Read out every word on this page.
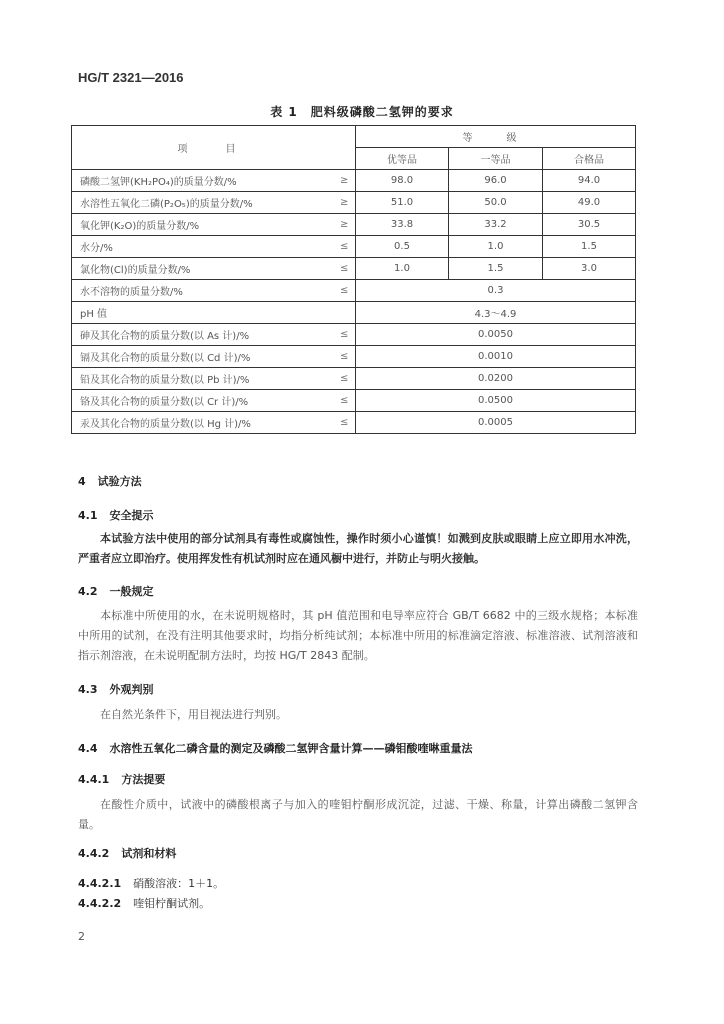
HG/T 2321—2016
表 1　肥料级磷酸二氢钾的要求
项　目		等　级		
		优等品	一等品	合格品
磷酸二氢钾(KH₂PO₄)的质量分数/%	≥	98.0	96.0	94.0
水溶性五氧化二磷(P₂O₅)的质量分数/%	≥	51.0	50.0	49.0
氧化钾(K₂O)的质量分数/%	≥	33.8	33.2	30.5
水分/%	≤	0.5	1.0	1.5
氯化物(Cl)的质量分数/%	≤	1.0	1.5	3.0
水不溶物的质量分数/%	≤	0.3		
pH 值		4.3～4.9		
砷及其化合物的质量分数(以 As 计)/%	≤	0.0050		
镉及其化合物的质量分数(以 Cd 计)/%	≤	0.0010		
铅及其化合物的质量分数(以 Pb 计)/%	≤	0.0200		
铬及其化合物的质量分数(以 Cr 计)/%	≤	0.0500		
汞及其化合物的质量分数(以 Hg 计)/%	≤	0.0005		
4 试验方法
4.1 安全提示
本试验方法中使用的部分试剂具有毒性或腐蚀性，操作时须小心谨慎！如溅到皮肤或眼睛上应立即用水冲洗，严重者应立即治疗。使用挥发性有机试剂时应在通风橱中进行，并防止与明火接触。
4.2 一般规定
本标准中所使用的水，在未说明规格时，其 pH 值范围和电导率应符合 GB/T 6682 中的三级水规格；本标准中所用的试剂，在没有注明其他要求时，均指分析纯试剂；本标准中所用的标准滴定溶液、标准溶液、试剂溶液和指示剂溶液，在未说明配制方法时，均按 HG/T 2843 配制。
4.3 外观判别
在自然光条件下，用目视法进行判别。
4.4 水溶性五氧化二磷含量的测定及磷酸二氢钾含量计算——磷钼酸喹啉重量法
4.4.1 方法提要
在酸性介质中，试液中的磷酸根离子与加入的喹钼柠酮形成沉淀，过滤、干燥、称量，计算出磷酸二氢钾含量。
4.4.2 试剂和材料
4.4.2.1 硝酸溶液：1＋1。
4.4.2.2 喹钼柠酮试剂。
2
